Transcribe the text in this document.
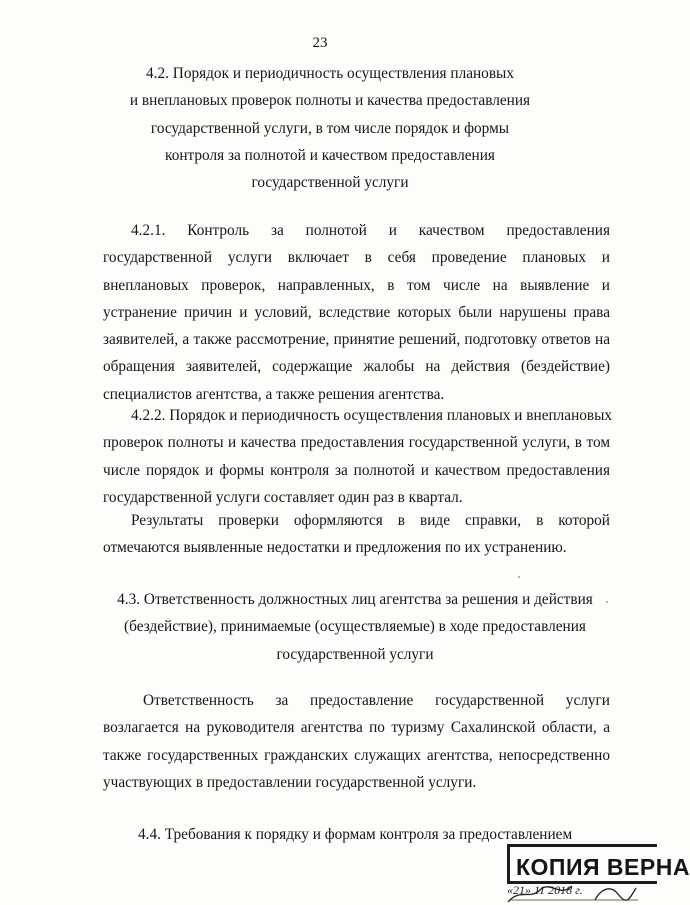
23
4.2. Порядок и периодичность осуществления плановых
и внеплановых проверок полноты и качества предоставления
государственной услуги, в том числе порядок и формы
контроля за полнотой и качеством предоставления
государственной услуги
4.2.1. Контроль за полнотой и качеством предоставления
государственной услуги включает в себя проведение плановых и
внеплановых проверок, направленных, в том числе на выявление и
устранение причин и условий, вследствие которых были нарушены права
заявителей, а также рассмотрение, принятие решений, подготовку ответов на
обращения заявителей, содержащие жалобы на действия (бездействие)
специалистов агентства, а также решения агентства.
4.2.2. Порядок и периодичность осуществления плановых и внеплановых
проверок полноты и качества предоставления государственной услуги, в том
числе порядок и формы контроля за полнотой и качеством предоставления
государственной услуги составляет один раз в квартал.
Результаты проверки оформляются в виде справки, в которой
отмечаются выявленные недостатки и предложения по их устранению.
4.3. Ответственность должностных лиц агентства за решения и действия
(бездействие), принимаемые (осуществляемые) в ходе предоставления
государственной услуги
Ответственность за предоставление государственной услуги
возлагается на руководителя агентства по туризму Сахалинской области, а
также государственных гражданских служащих агентства, непосредственно
участвующих в предоставлении государственной услуги.
4.4. Требования к порядку и формам контроля за предоставлением
КОПИЯ ВЕРНА
«21» 11 2018 г.
